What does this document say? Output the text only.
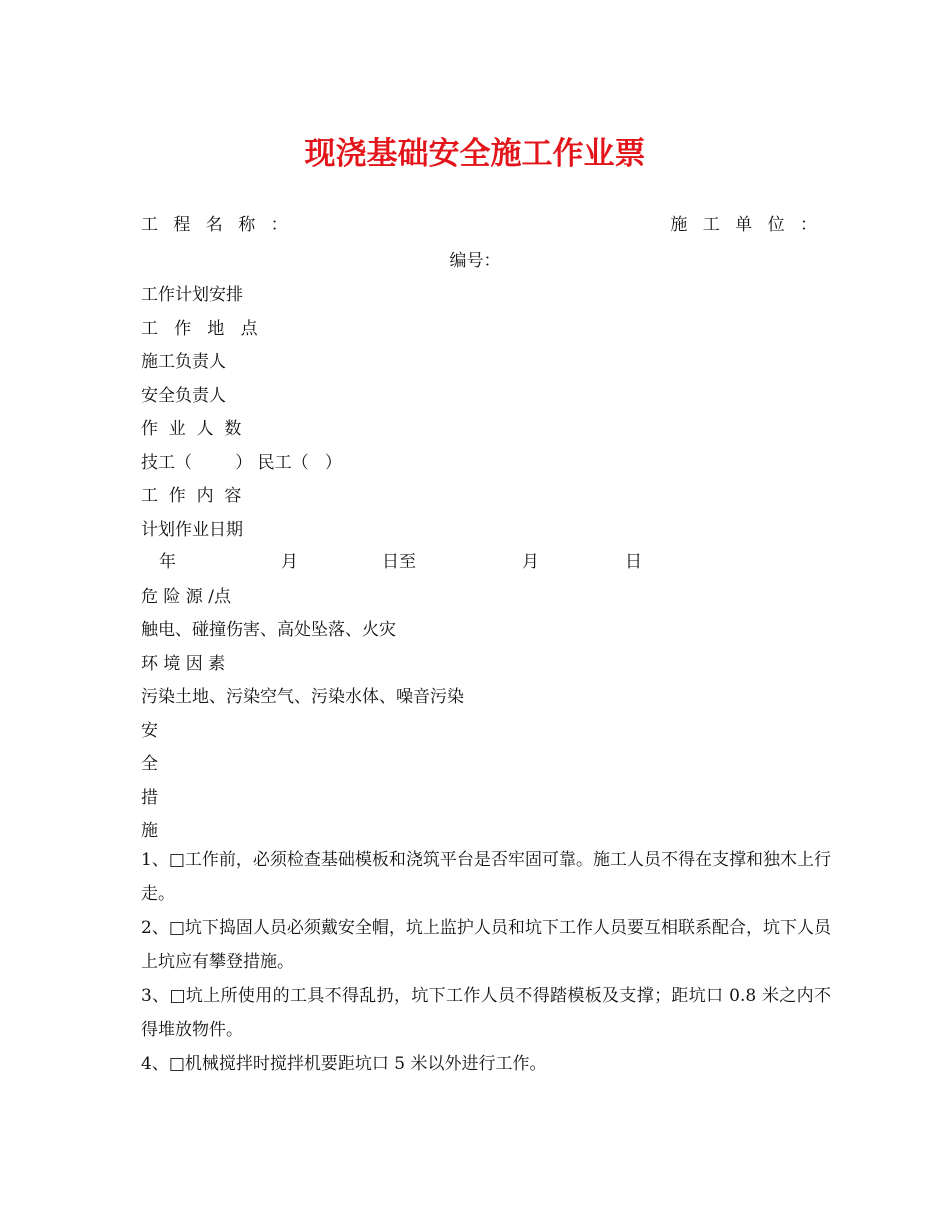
现浇基础安全施工作业票
工 程 名 称 ：	施 工 单 位 ：
编号：
工作计划安排
工   作   地   点
施工负责人
安全负责人
作  业  人  数
技工（        ） 民工（   ）
工  作  内  容
计划作业日期
年	月	日至	月	日
危 险 源 /点
触电、碰撞伤害、高处坠落、火灾
环 境 因 素
污染土地、污染空气、污染水体、噪音污染
安
全
措
施
1、□工作前，必须检查基础模板和浇筑平台是否牢固可靠。施工人员不得在支撑和独木上行走。
2、□坑下捣固人员必须戴安全帽，坑上监护人员和坑下工作人员要互相联系配合，坑下人员上坑应有攀登措施。
3、□坑上所使用的工具不得乱扔，坑下工作人员不得踏模板及支撑；距坑口 0.8 米之内不得堆放物件。
4、□机械搅拌时搅拌机要距坑口 5 米以外进行工作。
